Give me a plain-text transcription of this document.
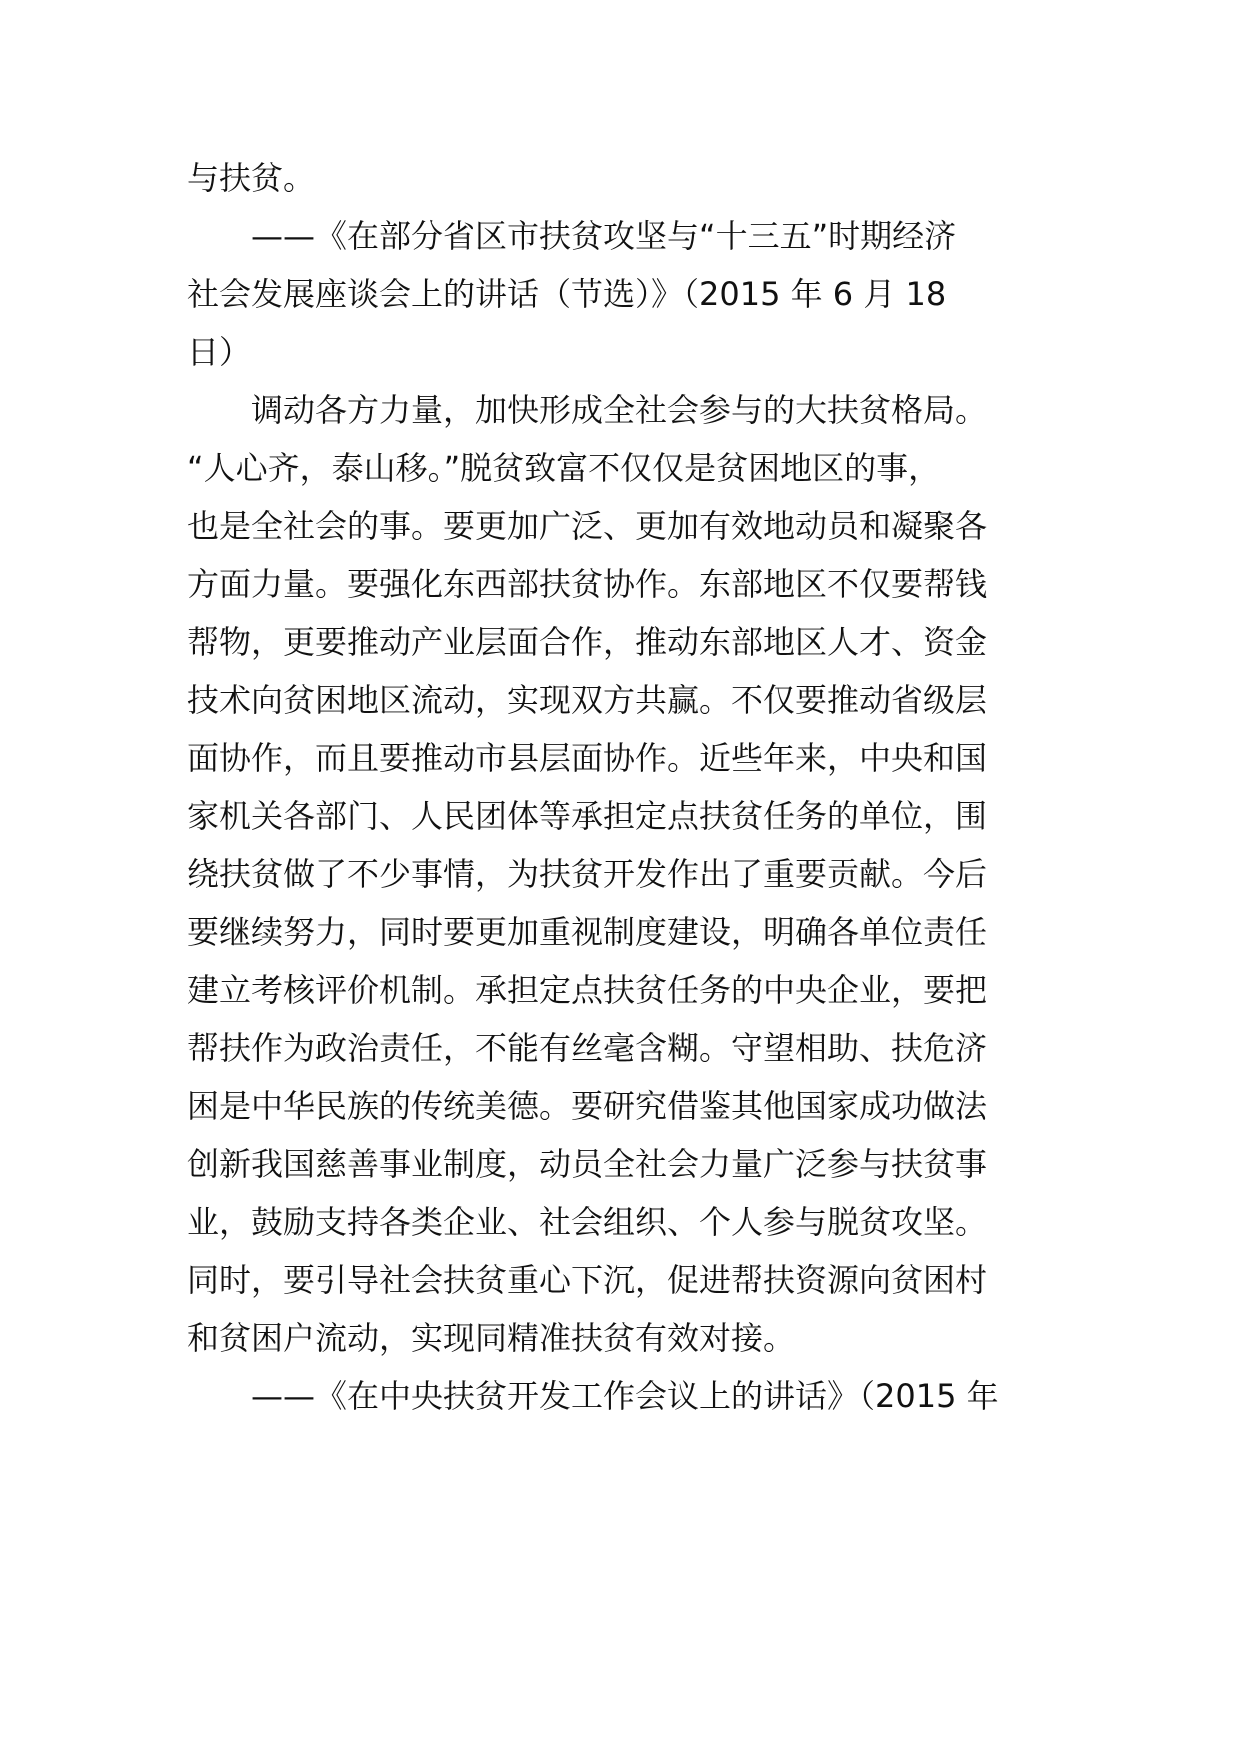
与扶贫。
　　——《在部分省区市扶贫攻坚与“十三五”时期经济
社会发展座谈会上的讲话（节选）》（2015 年 6 月 18
日）
　　调动各方力量，加快形成全社会参与的大扶贫格局。
“人心齐，泰山移。”脱贫致富不仅仅是贫困地区的事，
也是全社会的事。要更加广泛、更加有效地动员和凝聚各
方面力量。要强化东西部扶贫协作。东部地区不仅要帮钱
帮物，更要推动产业层面合作，推动东部地区人才、资金
技术向贫困地区流动，实现双方共赢。不仅要推动省级层
面协作，而且要推动市县层面协作。近些年来，中央和国
家机关各部门、人民团体等承担定点扶贫任务的单位，围
绕扶贫做了不少事情，为扶贫开发作出了重要贡献。今后
要继续努力，同时要更加重视制度建设，明确各单位责任
建立考核评价机制。承担定点扶贫任务的中央企业，要把
帮扶作为政治责任，不能有丝毫含糊。守望相助、扶危济
困是中华民族的传统美德。要研究借鉴其他国家成功做法
创新我国慈善事业制度，动员全社会力量广泛参与扶贫事
业，鼓励支持各类企业、社会组织、个人参与脱贫攻坚。
同时，要引导社会扶贫重心下沉，促进帮扶资源向贫困村
和贫困户流动，实现同精准扶贫有效对接。
　　——《在中央扶贫开发工作会议上的讲话》（2015 年
